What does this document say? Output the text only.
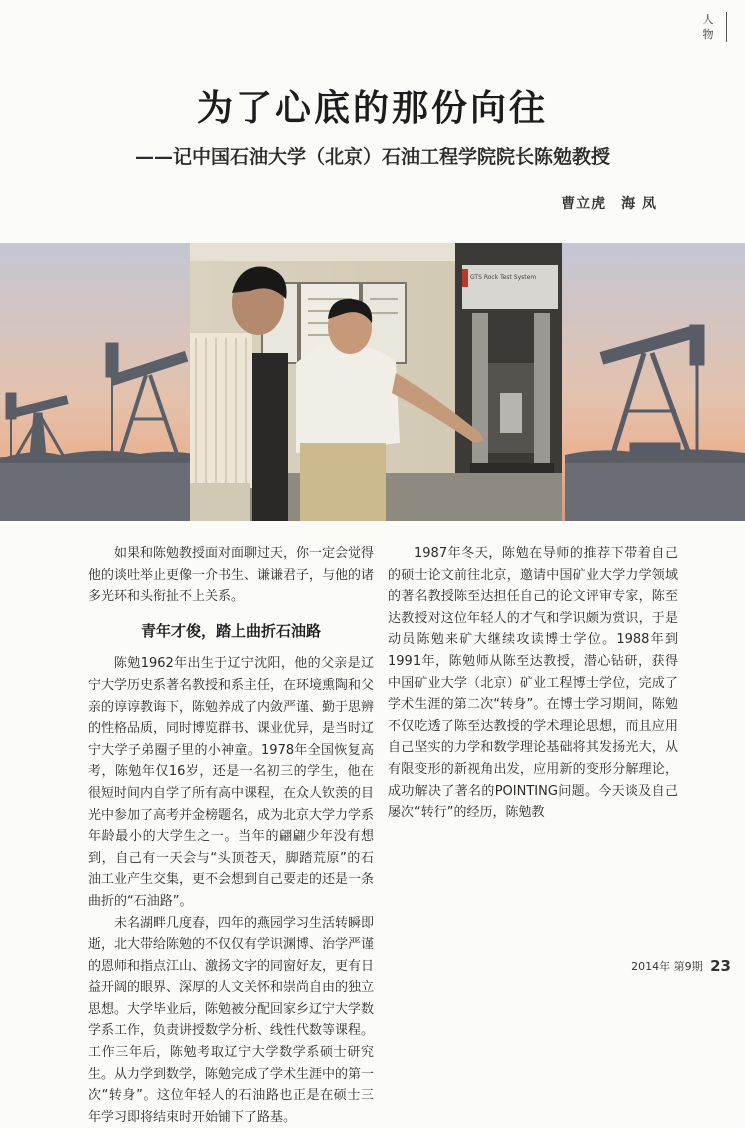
人
物
为了心底的那份向往
——记中国石油大学（北京）石油工程学院院长陈勉教授
曹立虎　海 凤
GTS Rock Test System

如果和陈勉教授面对面聊过天，你一定会觉得他的谈吐举止更像一介书生、谦谦君子，与他的诸多光环和头衔扯不上关系。

青年才俊，踏上曲折石油路

陈勉1962年出生于辽宁沈阳，他的父亲是辽宁大学历史系著名教授和系主任，在环境熏陶和父亲的谆谆教诲下，陈勉养成了内敛严谨、勤于思辨的性格品质，同时博览群书、课业优异，是当时辽宁大学子弟圈子里的小神童。1978年全国恢复高考，陈勉年仅16岁，还是一名初三的学生，他在很短时间内自学了所有高中课程，在众人钦羡的目光中参加了高考并金榜题名，成为北京大学力学系年龄最小的大学生之一。当年的翩翩少年没有想到，自己有一天会与“头顶苍天，脚踏荒原”的石油工业产生交集，更不会想到自己要走的还是一条曲折的“石油路”。

未名湖畔几度春，四年的燕园学习生活转瞬即逝，北大带给陈勉的不仅仅有学识渊博、治学严谨的恩师和指点江山、激扬文字的同窗好友，更有日益开阔的眼界、深厚的人文关怀和崇尚自由的独立思想。大学毕业后，陈勉被分配回家乡辽宁大学数学系工作，负责讲授数学分析、线性代数等课程。工作三年后，陈勉考取辽宁大学数学系硕士研究生。从力学到数学，陈勉完成了学术生涯中的第一次“转身”。这位年轻人的石油路也正是在硕士三年学习即将结束时开始铺下了路基。

1987年冬天，陈勉在导师的推荐下带着自己的硕士论文前往北京，邀请中国矿业大学力学领域的著名教授陈至达担任自己的论文评审专家，陈至达教授对这位年轻人的才气和学识颇为赏识，于是动员陈勉来矿大继续攻读博士学位。1988年到1991年，陈勉师从陈至达教授，潜心钻研，获得中国矿业大学（北京）矿业工程博士学位，完成了学术生涯的第二次“转身”。在博士学习期间，陈勉不仅吃透了陈至达教授的学术理论思想，而且应用自己坚实的力学和数学理论基础将其发扬光大，从有限变形的新视角出发，应用新的变形分解理论，成功解决了著名的POINTING问题。今天谈及自己屡次“转行”的经历，陈勉教

2014年 第9期 23
